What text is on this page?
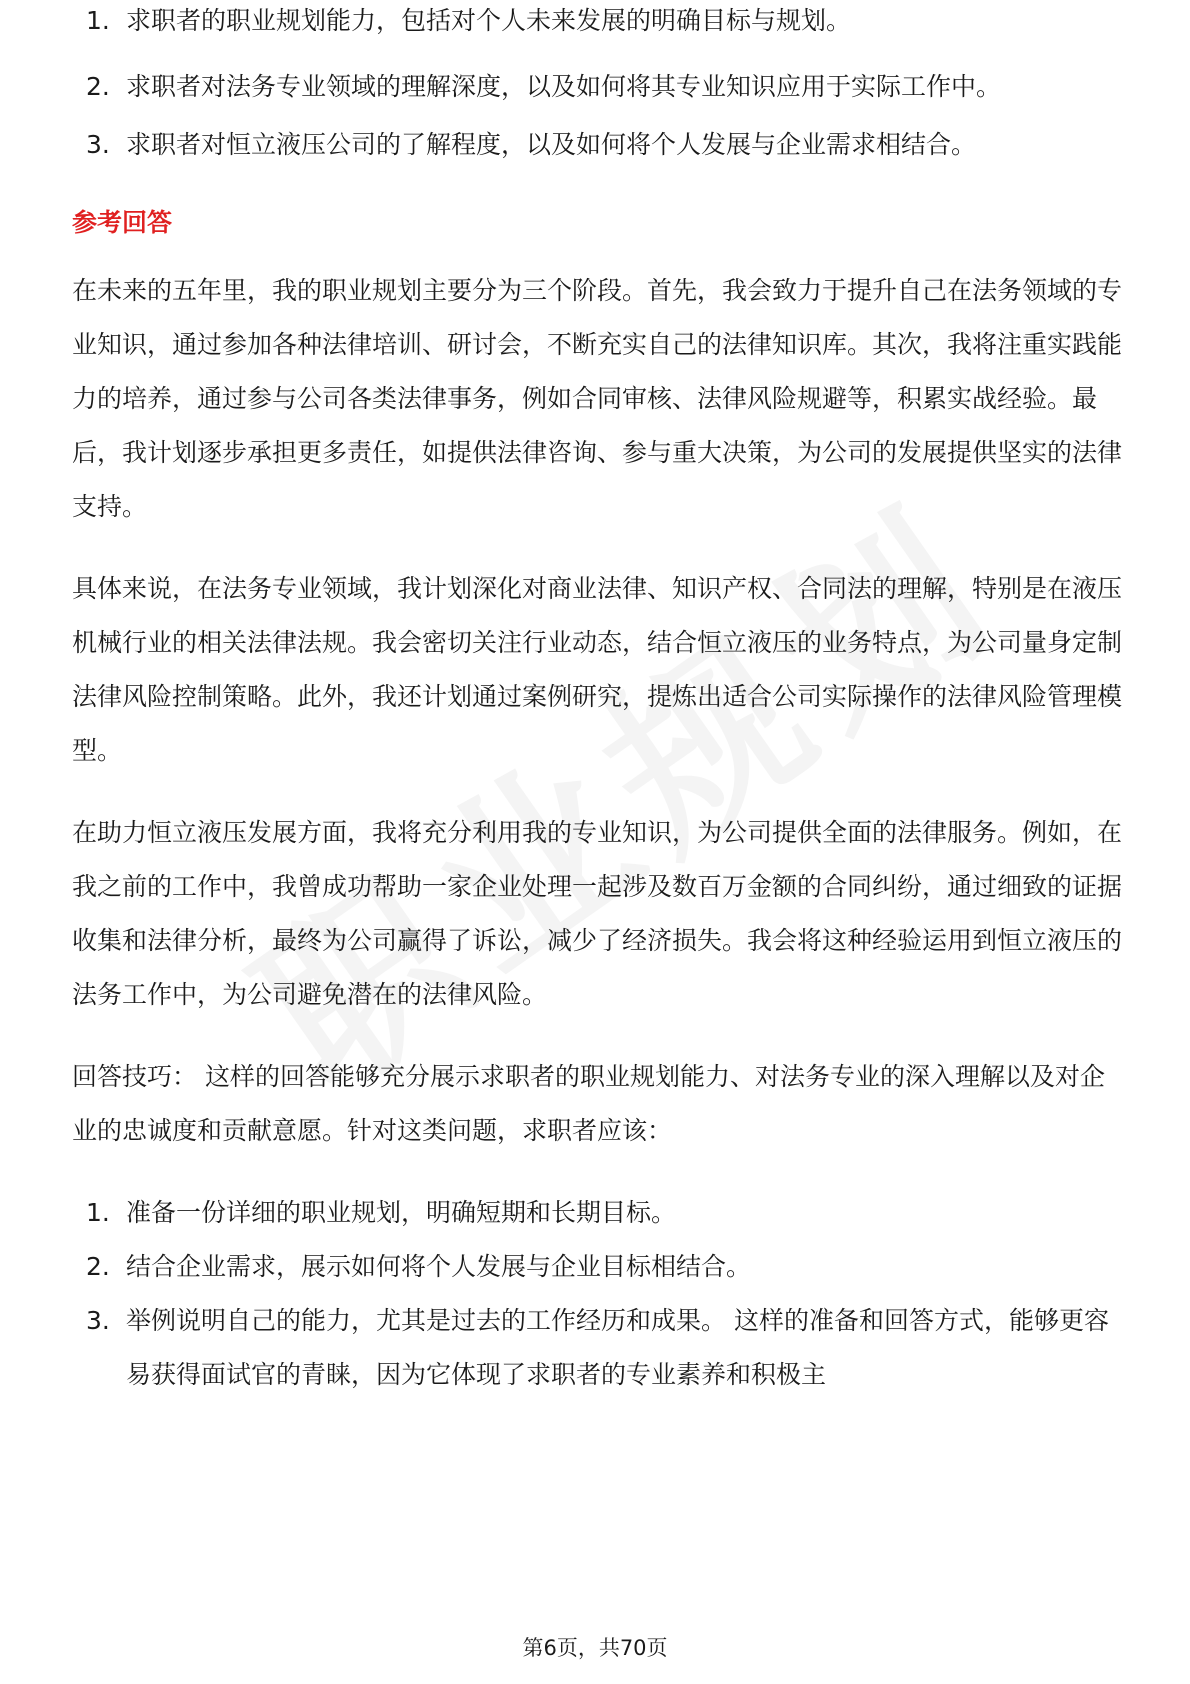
1. 求职者的职业规划能力，包括对个人未来发展的明确目标与规划。
2. 求职者对法务专业领域的理解深度，以及如何将其专业知识应用于实际工作中。
3. 求职者对恒立液压公司的了解程度，以及如何将个人发展与企业需求相结合。
参考回答

在未来的五年里，我的职业规划主要分为三个阶段。首先，我会致力于提升自己在法务领域的专业知识，通过参加各种法律培训、研讨会，不断充实自己的法律知识库。其次，我将注重实践能力的培养，通过参与公司各类法律事务，例如合同审核、法律风险规避等，积累实战经验。最后，我计划逐步承担更多责任，如提供法律咨询、参与重大决策，为公司的发展提供坚实的法律支持。

具体来说，在法务专业领域，我计划深化对商业法律、知识产权、合同法的理解，特别是在液压机械行业的相关法律法规。我会密切关注行业动态，结合恒立液压的业务特点，为公司量身定制法律风险控制策略。此外，我还计划通过案例研究，提炼出适合公司实际操作的法律风险管理模型。

在助力恒立液压发展方面，我将充分利用我的专业知识，为公司提供全面的法律服务。例如，在我之前的工作中，我曾成功帮助一家企业处理一起涉及数百万金额的合同纠纷，通过细致的证据收集和法律分析，最终为公司赢得了诉讼，减少了经济损失。我会将这种经验运用到恒立液压的法务工作中，为公司避免潜在的法律风险。

回答技巧： 这样的回答能够充分展示求职者的职业规划能力、对法务专业的深入理解以及对企业的忠诚度和贡献意愿。针对这类问题，求职者应该：

1. 准备一份详细的职业规划，明确短期和长期目标。
2. 结合企业需求，展示如何将个人发展与企业目标相结合。
3. 举例说明自己的能力，尤其是过去的工作经历和成果。 这样的准备和回答方式，能够更容易获得面试官的青睐，因为它体现了求职者的专业素养和积极主
第6页，共70页
